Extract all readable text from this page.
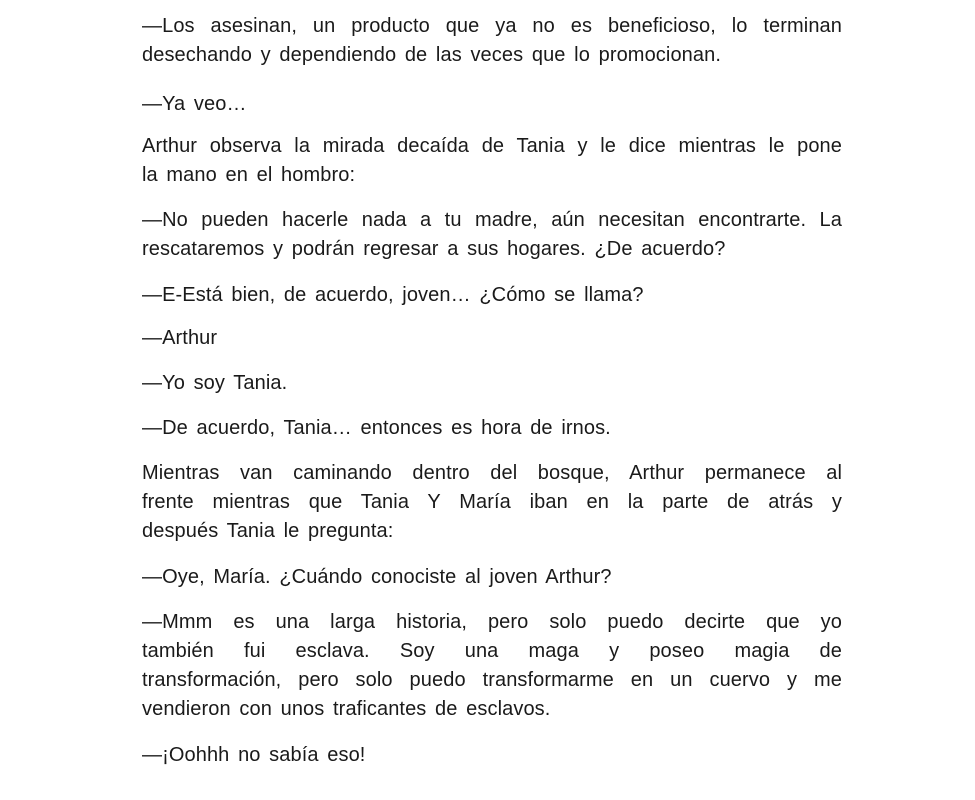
—Los asesinan, un producto que ya no es beneficioso, lo terminan
desechando y dependiendo de las veces que lo promocionan.
—Ya veo…
Arthur observa la mirada decaída de Tania y le dice mientras le pone
la mano en el hombro:
—No pueden hacerle nada a tu madre, aún necesitan encontrarte. La
rescataremos y podrán regresar a sus hogares. ¿De acuerdo?
—E-Está bien, de acuerdo, joven… ¿Cómo se llama?
—Arthur
—Yo soy Tania.
—De acuerdo, Tania… entonces es hora de irnos.
Mientras van caminando dentro del bosque, Arthur permanece al
frente mientras que Tania Y María iban en la parte de atrás y
después Tania le pregunta:
—Oye, María. ¿Cuándo conociste al joven Arthur?
—Mmm es una larga historia, pero solo puedo decirte que yo
también fui esclava. Soy una maga y poseo magia de
transformación, pero solo puedo transformarme en un cuervo y me
vendieron con unos traficantes de esclavos.
—¡Oohhh no sabía eso!
